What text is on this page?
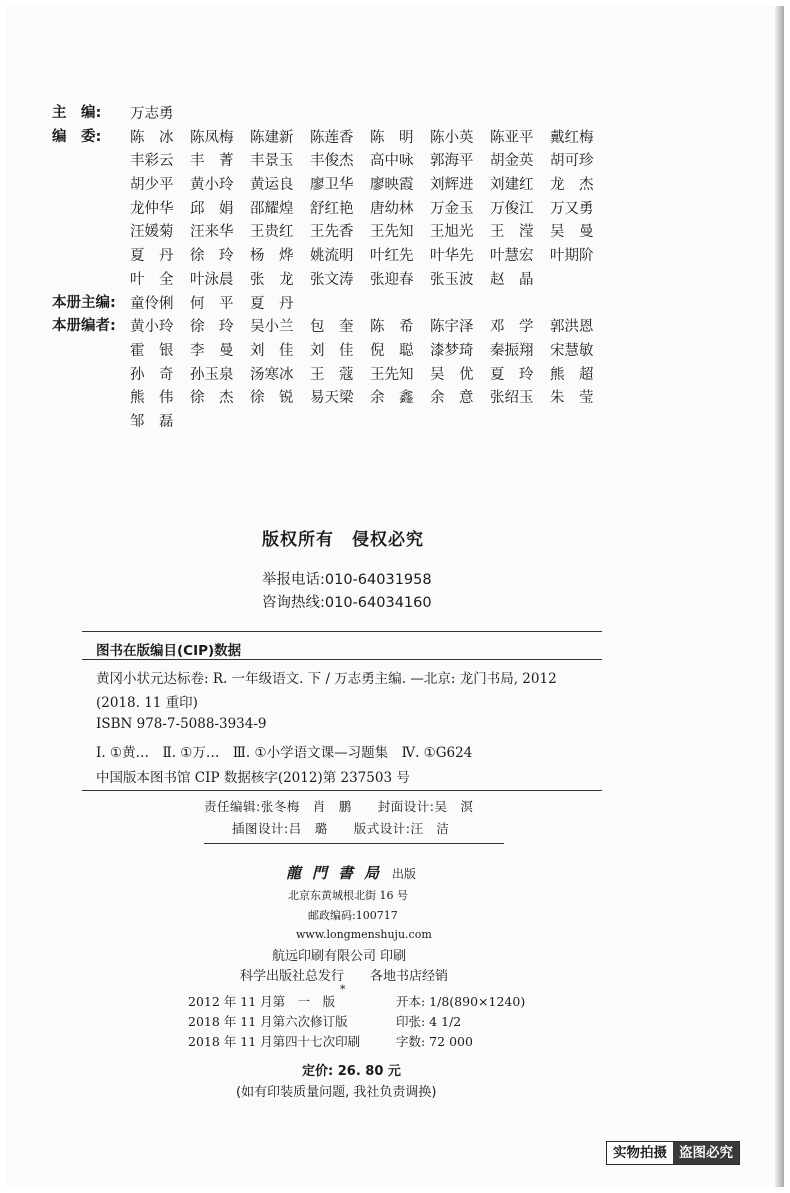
主　编: 万志勇
编　委: 陈　冰 陈凤梅 陈建新 陈莲香 陈　明 陈小英 陈亚平 戴红梅
丰彩云 丰　菁 丰景玉 丰俊杰 高中咏 郭海平 胡金英 胡可珍
胡少平 黄小玲 黄运良 廖卫华 廖映霞 刘辉进 刘建红 龙　杰
龙仲华 邱　娟 邵耀煌 舒红艳 唐幼林 万金玉 万俊江 万又勇
汪媛菊 汪来华 王贵红 王先香 王先知 王旭光 王　滢 吴　曼
夏　丹 徐　玲 杨　烨 姚流明 叶红先 叶华先 叶慧宏 叶期阶
叶　全 叶泳晨 张　龙 张文涛 张迎春 张玉波 赵　晶
本册主编: 童伶俐 何　平 夏　丹
本册编者: 黄小玲 徐　玲 吴小兰 包　奎 陈　希 陈宇泽 邓　学 郭洪恩
霍　银 李　曼 刘　佳 刘　佳 倪　聪 漆梦琦 秦振翔 宋慧敏
孙　奇 孙玉泉 汤寒冰 王　蔻 王先知 吴　优 夏　玲 熊　超
熊　伟 徐　杰 徐　锐 易天梁 余　鑫 余　意 张绍玉 朱　莹
邹　磊
版权所有　侵权必究
举报电话:010-64031958
咨询热线:010-64034160
图书在版编目(CIP)数据
黄冈小状元达标卷: R. 一年级语文. 下 / 万志勇主编. —北京: 龙门书局, 2012
(2018. 11 重印)
ISBN 978-7-5088-3934-9
Ⅰ. ①黄…　Ⅱ. ①万…　Ⅲ. ①小学语文课—习题集　Ⅳ. ①G624
中国版本图书馆 CIP 数据核字(2012)第 237503 号
责任编辑:张冬梅　肖　鹏　　封面设计:吴　溟
插图设计:吕　璐　　版式设计:汪　洁
龍門書局 出版
北京东黄城根北街 16 号
邮政编码:100717
www.longmenshuju.com
航远印刷有限公司 印刷
科学出版社总发行　　各地书店经销
*
2012 年 11 月第　一　版
2018 年 11 月第六次修订版
2018 年 11 月第四十七次印刷
开本: 1/8(890×1240)
印张: 4 1/2
字数: 72 000
定价: 26. 80 元
(如有印装质量问题, 我社负责调换)
实物拍摄 盗图必究
